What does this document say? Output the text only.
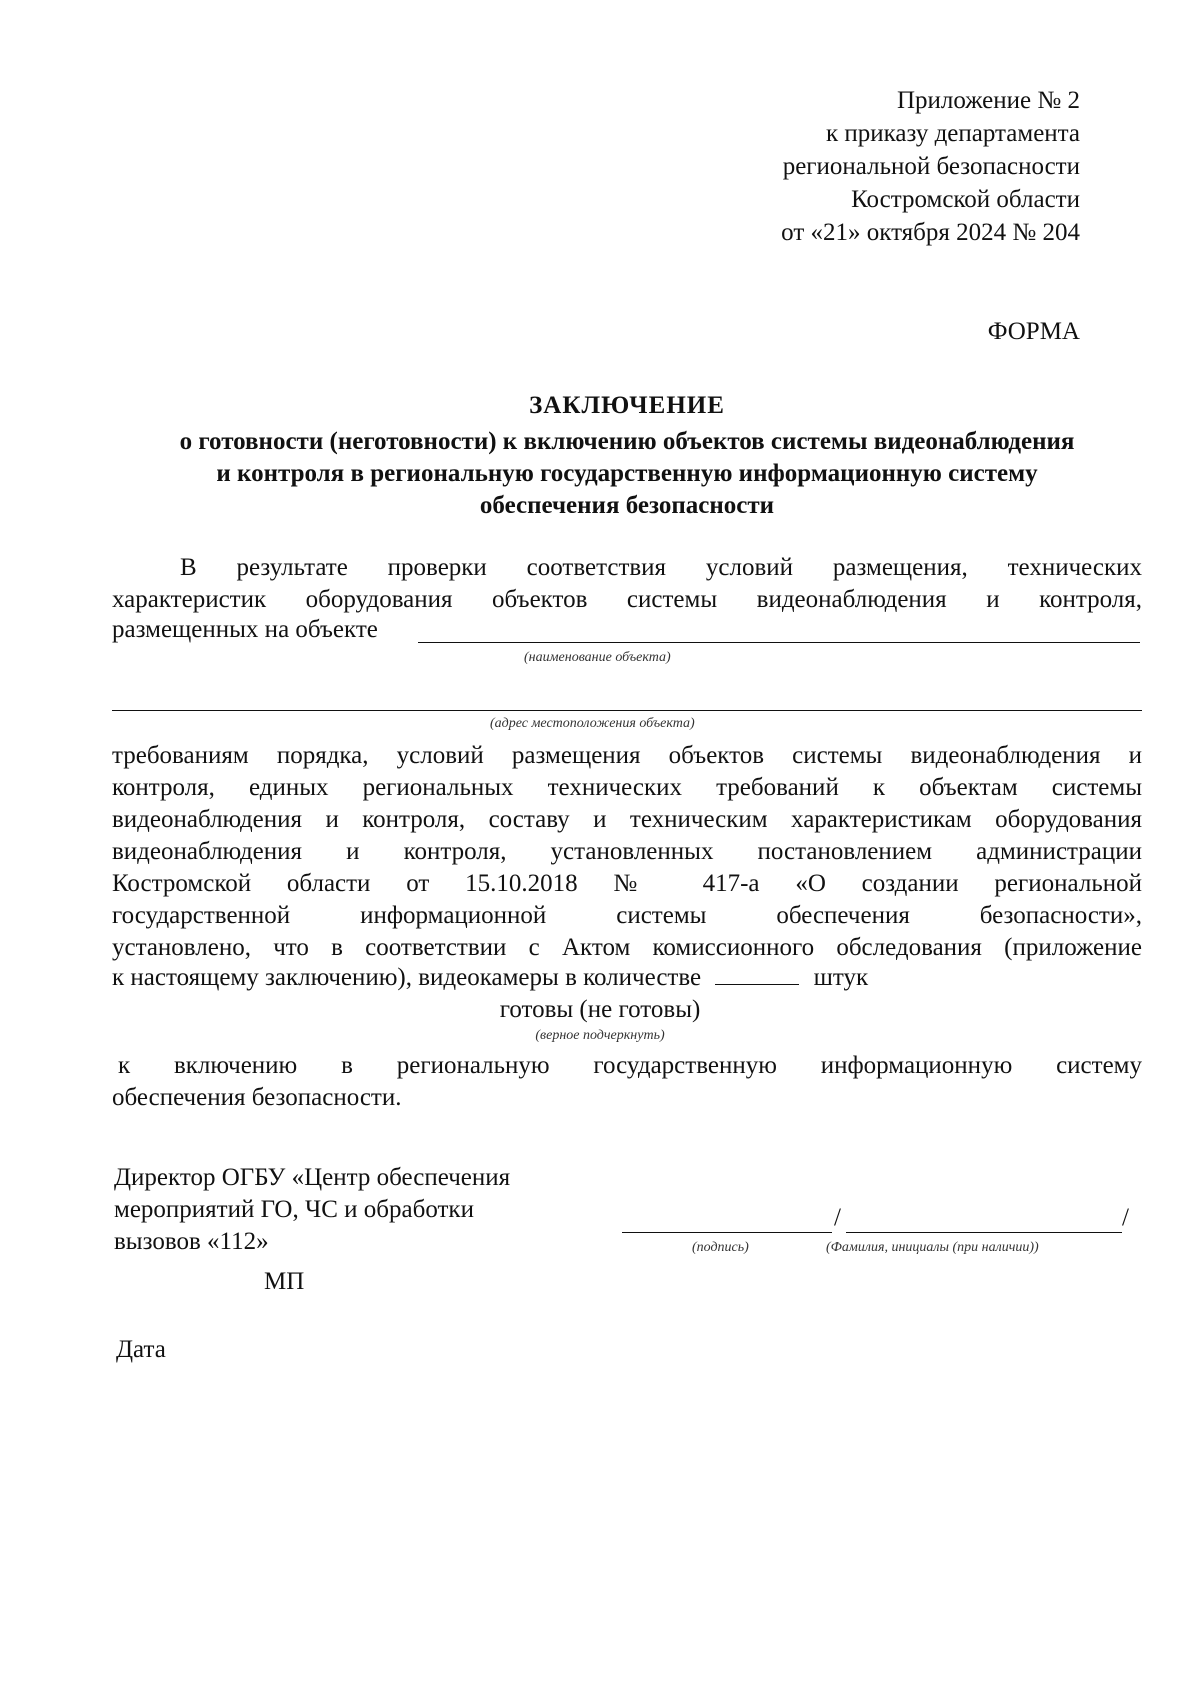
Приложение № 2
к приказу департамента
региональной безопасности
Костромской области
от «21» октября 2024 № 204
ФОРМА
ЗАКЛЮЧЕНИЕ
о готовности (неготовности) к включению объектов системы видеонаблюдения
и контроля в региональную государственную информационную систему
обеспечения безопасности
В результате проверки соответствия условий размещения, технических
характеристик оборудования объектов системы видеонаблюдения и контроля,
размещенных на объекте
(наименование объекта)
(адрес местоположения объекта)
требованиям порядка, условий размещения объектов системы видеонаблюдения и
контроля, единых региональных технических требований к объектам системы
видеонаблюдения и контроля, составу и техническим характеристикам оборудования
видеонаблюдения и контроля, установленных постановлением администрации
Костромской области от 15.10.2018 № 417-а «О создании региональной
государственной информационной системы обеспечения безопасности»,
установлено, что в соответствии с Актом комиссионного обследования (приложение
к настоящему заключению), видеокамеры в количестве	штук
готовы (не готовы)
(верное подчеркнуть)
к включению в региональную государственную информационную систему
обеспечения безопасности.
Директор ОГБУ «Центр обеспечения
мероприятий ГО, ЧС и обработки
вызовов «112»
/	/
(подпись)	(Фамилия, инициалы (при наличии))
МП
Дата
